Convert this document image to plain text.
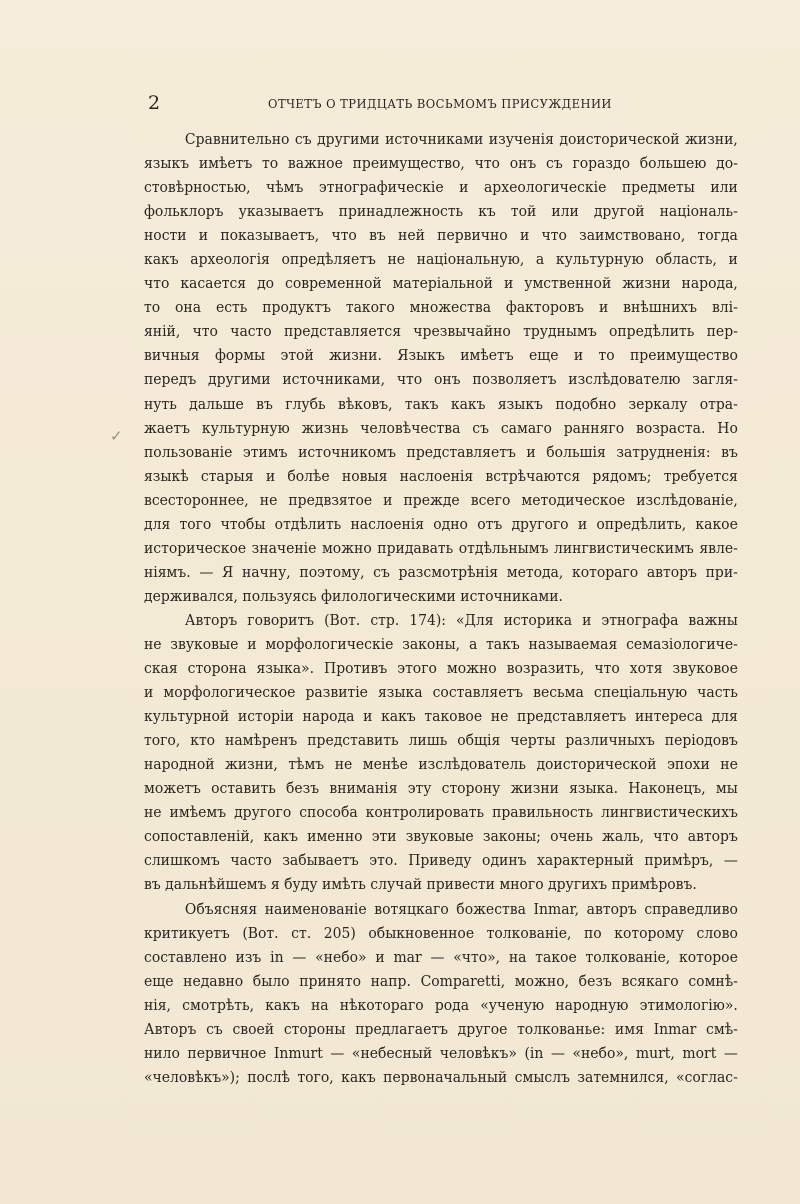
2	ОТЧЕТЪ О ТРИДЦАТЬ ВОСЬМОМЪ ПРИСУЖДЕНИИ
✓
Сравнительно съ другими источниками изученія доисторической жизни,
языкъ имѣетъ то важное преимущество, что онъ съ гораздо большею до-
стовѣрностью, чѣмъ этнографическіе и археологическіе предметы или
фольклоръ указываетъ принадлежность къ той или другой національ-
ности и показываетъ, что въ ней первично и что заимствовано, тогда
какъ археологія опредѣляетъ не національную, а культурную область, и
что касается до современной матеріальной и умственной жизни народа,
то она есть продуктъ такого множества факторовъ и внѣшнихъ влі-
яній, что часто представляется чрезвычайно труднымъ опредѣлить пер-
вичныя формы этой жизни. Языкъ имѣетъ еще и то преимущество
передъ другими источниками, что онъ позволяетъ изслѣдователю загля-
нуть дальше въ глубь вѣковъ, такъ какъ языкъ подобно зеркалу отра-
жаетъ культурную жизнь человѣчества съ самаго ранняго возраста. Но
пользованіе этимъ источникомъ представляетъ и большія затрудненія: въ
языкѣ старыя и болѣе новыя наслоенія встрѣчаются рядомъ; требуется
всестороннее, не предвзятое и прежде всего методическое изслѣдованіе,
для того чтобы отдѣлить наслоенія одно отъ другого и опредѣлить, какое
историческое значеніе можно придавать отдѣльнымъ лингвистическимъ явле-
ніямъ. — Я начну, поэтому, съ разсмотрѣнія метода, котораго авторъ при-
держивался, пользуясь филологическими источниками.
Авторъ говоритъ (Вот. стр. 174): «Для историка и этнографа важны
не звуковые и морфологическіе законы, а такъ называемая семазіологиче-
ская сторона языка». Противъ этого можно возразить, что хотя звуковое
и морфологическое развитіе языка составляетъ весьма спеціальную часть
культурной исторіи народа и какъ таковое не представляетъ интереса для
того, кто намѣренъ представить лишь общія черты различныхъ періодовъ
народной жизни, тѣмъ не менѣе изслѣдователь доисторической эпохи не
можетъ оставить безъ вниманія эту сторону жизни языка. Наконецъ, мы
не имѣемъ другого способа контролировать правильность лингвистическихъ
сопоставленій, какъ именно эти звуковые законы; очень жаль, что авторъ
слишкомъ часто забываетъ это. Приведу одинъ характерный примѣръ, —
въ дальнѣйшемъ я буду имѣть случай привести много другихъ примѣровъ.
Объясняя наименованіе вотяцкаго божества Inmar, авторъ справедливо
критикуетъ (Вот. ст. 205) обыкновенное толкованіе, по которому слово
составлено изъ in — «небо» и mar — «что», на такое толкованіе, которое
еще недавно было принято напр. Comparetti, можно, безъ всякаго сомнѣ-
нія, смотрѣть, какъ на нѣкотораго рода «ученую народную этимологію».
Авторъ съ своей стороны предлагаетъ другое толкованье: имя Inmar смѣ-
нило первичное Inmurt — «небесный человѣкъ» (in — «небо», murt, mort —
«человѣкъ»); послѣ того, какъ первоначальный смыслъ затемнился, «соглас-
